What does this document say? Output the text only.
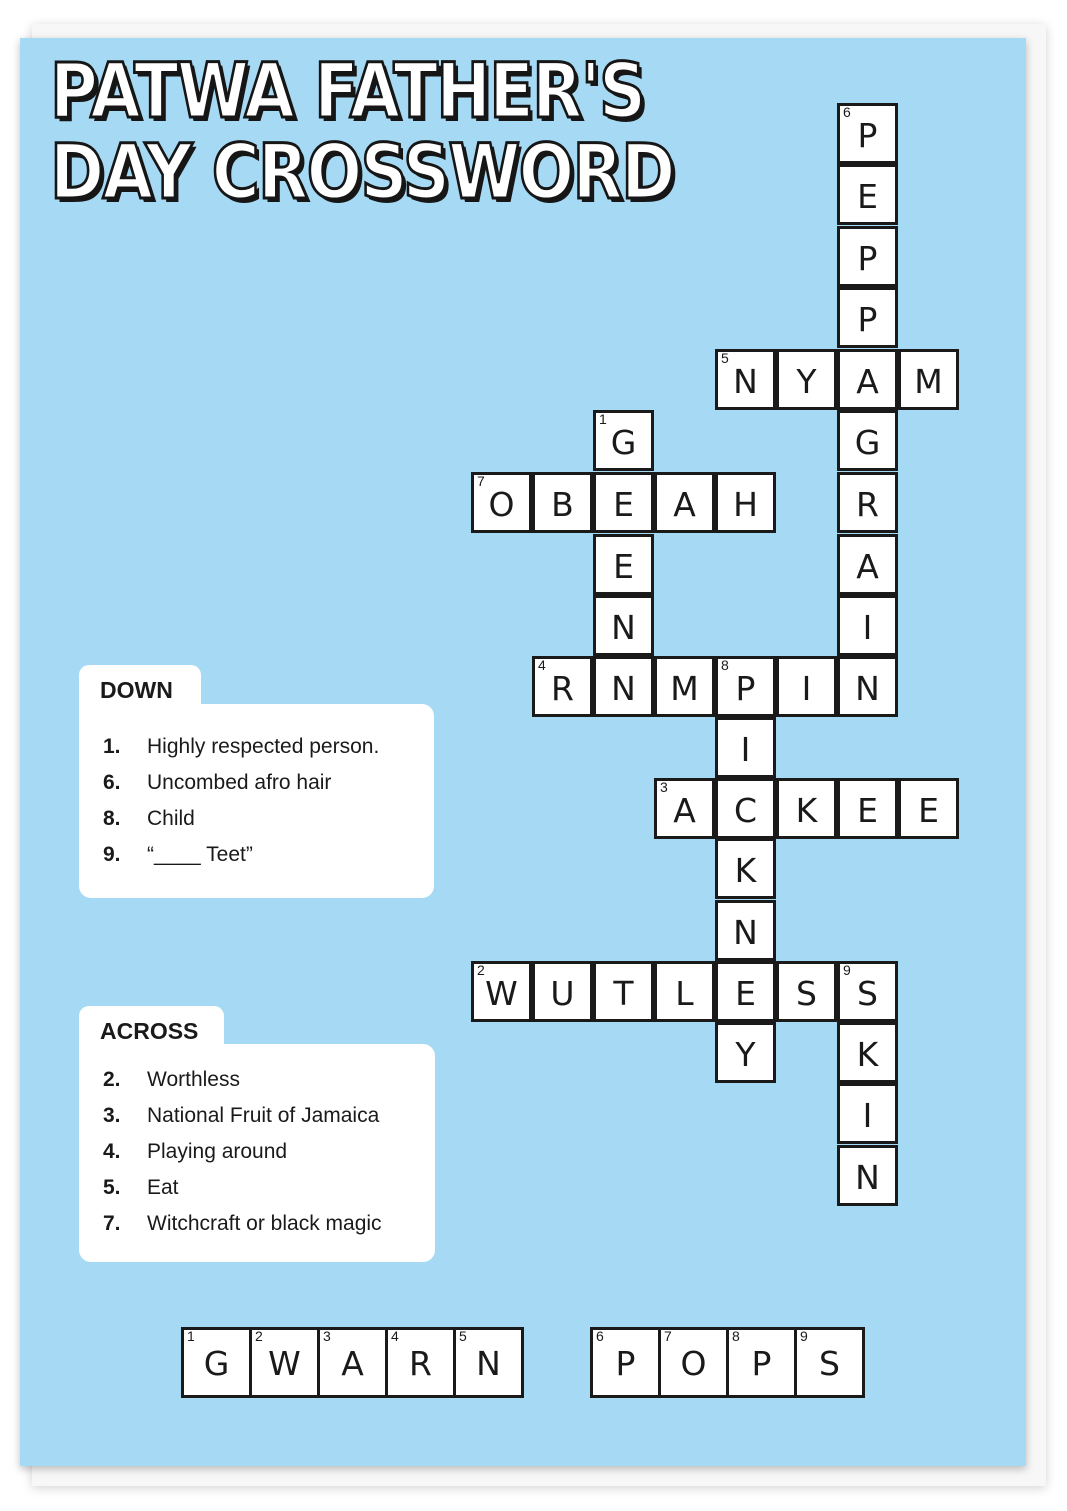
PATWA FATHER'S
DAY CROSSWORD
DOWN
1. Highly respected person.
6. Uncombed afro hair
8. Child
9. “____ Teet”
ACROSS
2. Worthless
3. National Fruit of Jamaica
4. Playing around
5. Eat
7. Witchcraft or black magic
6
P
E
P
P
A
G
R
A
I
N
5
N	Y	M
1
G
E
E
N
N
7
O	B	A	H
4
R	M
8
P	I
I
C
K
N
E
Y
3
A	K	E	E
2
W U	T	L	S
9
S
K
I
N
1
G
2
W
3
A
4
R
5
N
6
P
7
O
8
P
9
S
